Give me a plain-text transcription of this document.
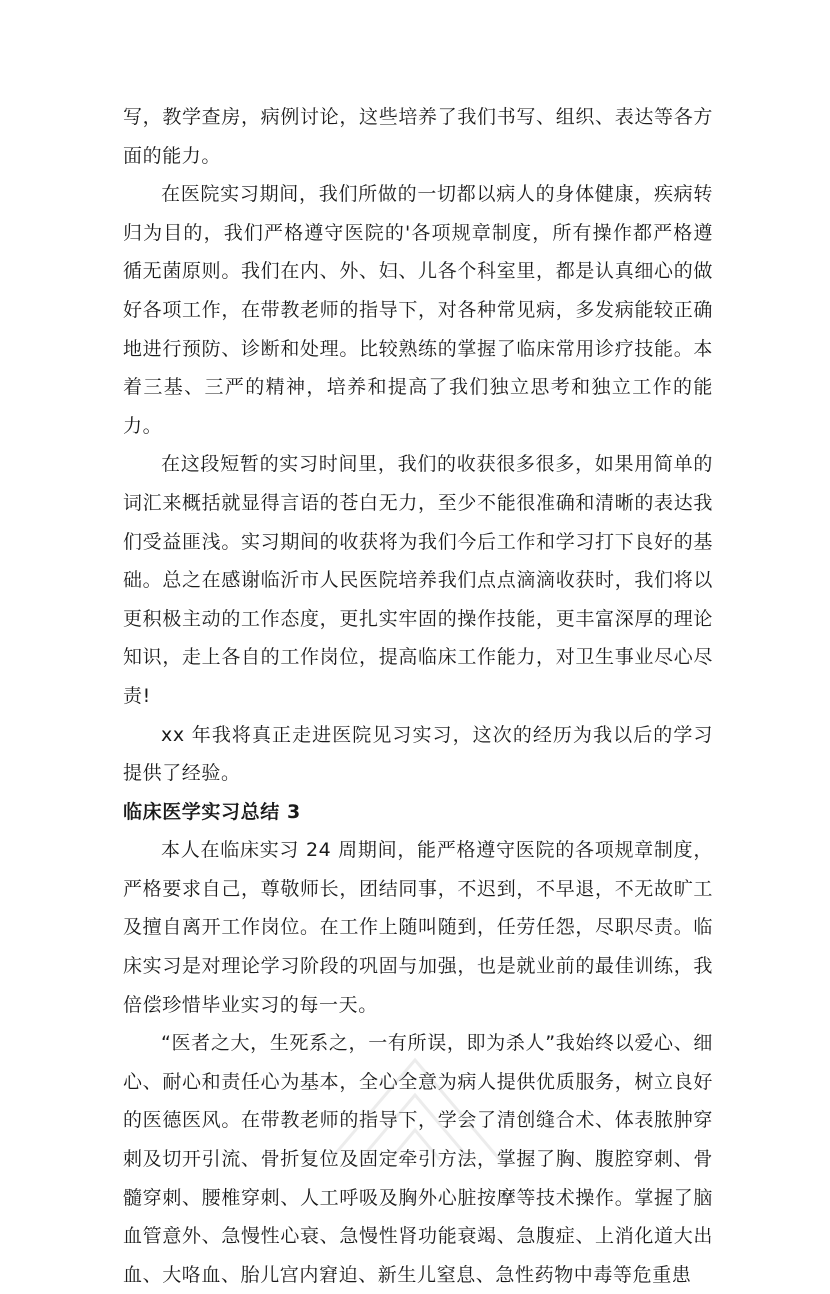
写，教学查房，病例讨论，这些培养了我们书写、组织、表达等各方面的能力。

在医院实习期间，我们所做的一切都以病人的身体健康，疾病转归为目的，我们严格遵守医院的'各项规章制度，所有操作都严格遵循无菌原则。我们在内、外、妇、儿各个科室里，都是认真细心的做好各项工作，在带教老师的指导下，对各种常见病，多发病能较正确地进行预防、诊断和处理。比较熟练的掌握了临床常用诊疗技能。本着三基、三严的精神，培养和提高了我们独立思考和独立工作的能力。

在这段短暂的实习时间里，我们的收获很多很多，如果用简单的词汇来概括就显得言语的苍白无力，至少不能很准确和清晰的表达我们受益匪浅。实习期间的收获将为我们今后工作和学习打下良好的基础。总之在感谢临沂市人民医院培养我们点点滴滴收获时，我们将以更积极主动的工作态度，更扎实牢固的操作技能，更丰富深厚的理论知识，走上各自的工作岗位，提高临床工作能力，对卫生事业尽心尽责!

xx 年我将真正走进医院见习实习，这次的经历为我以后的学习提供了经验。

临床医学实习总结 3

本人在临床实习 24 周期间，能严格遵守医院的各项规章制度，严格要求自己，尊敬师长，团结同事，不迟到，不早退，不无故旷工及擅自离开工作岗位。在工作上随叫随到，任劳任怨，尽职尽责。临床实习是对理论学习阶段的巩固与加强，也是就业前的最佳训练，我倍偿珍惜毕业实习的每一天。

“医者之大，生死系之，一有所误，即为杀人”我始终以爱心、细心、耐心和责任心为基本，全心全意为病人提供优质服务，树立良好的医德医风。在带教老师的指导下，学会了清创缝合术、体表脓肿穿刺及切开引流、骨折复位及固定牵引方法，掌握了胸、腹腔穿刺、骨髓穿刺、腰椎穿刺、人工呼吸及胸外心脏按摩等技术操作。掌握了脑血管意外、急慢性心衰、急慢性肾功能衰竭、急腹症、上消化道大出血、大咯血、胎儿宫内窘迫、新生儿窒息、急性药物中毒等危重患
